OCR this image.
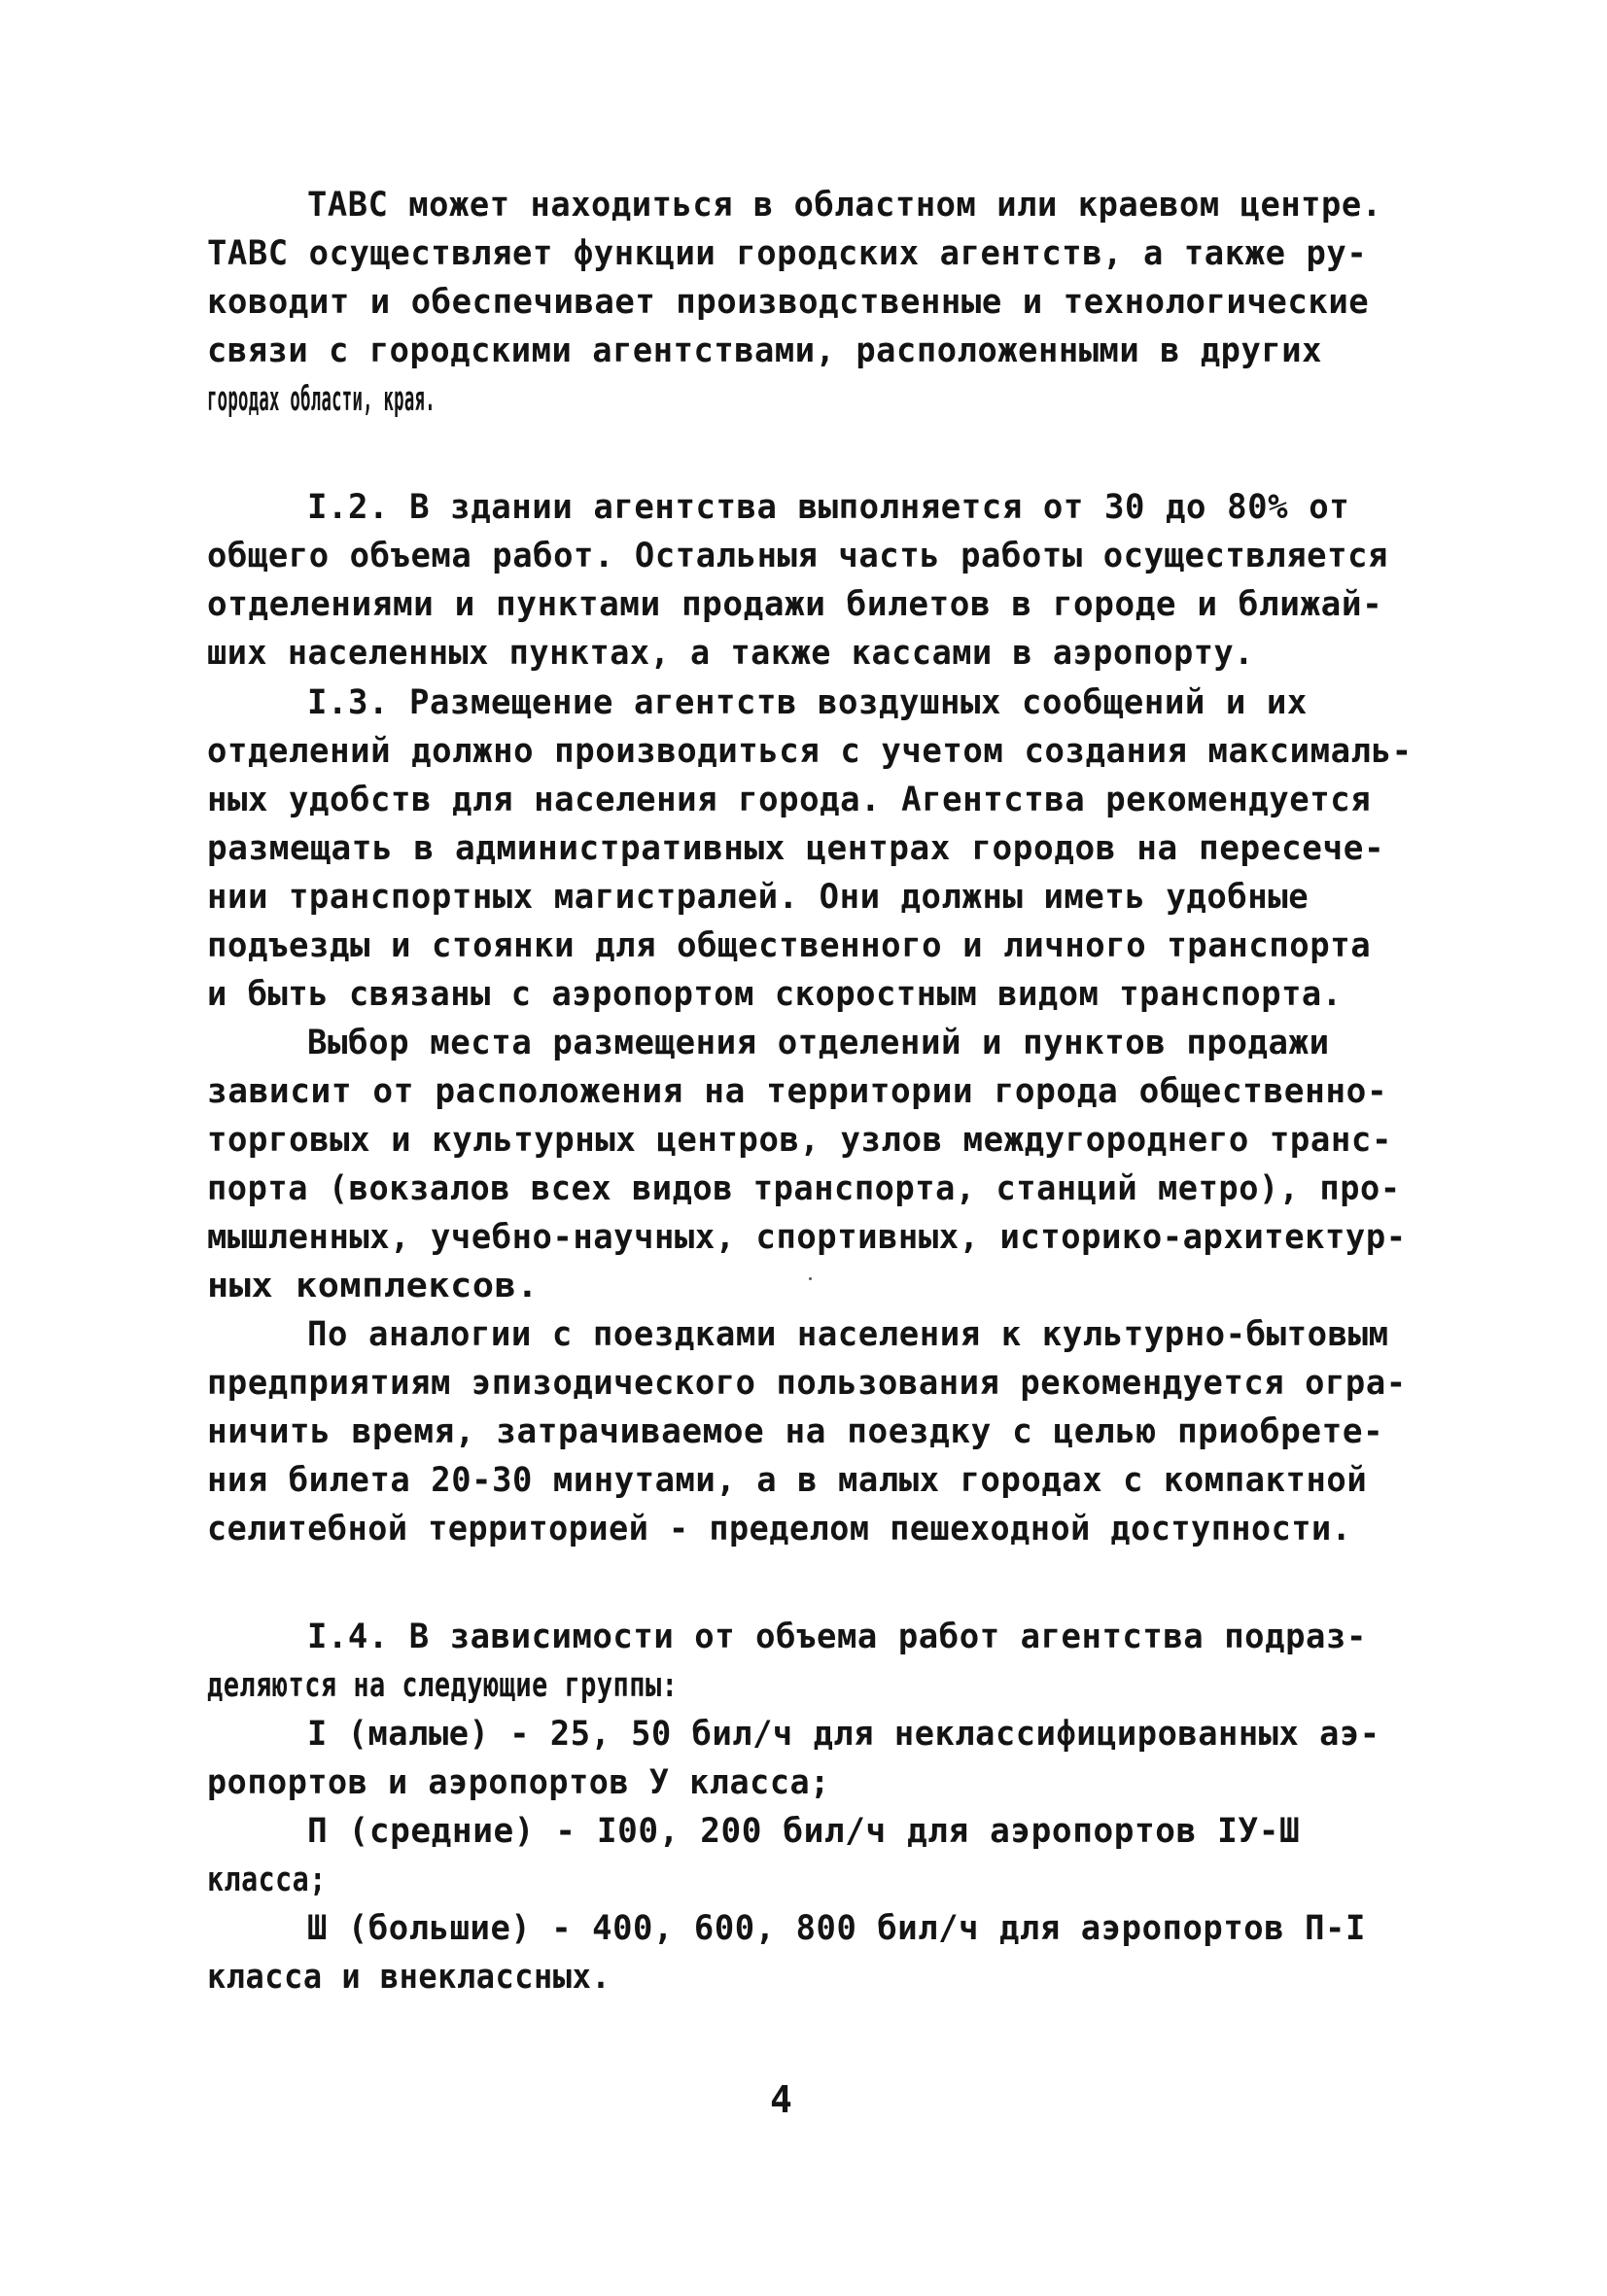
ТАВС может находиться в областном или краевом центре.

ТАВС осуществляет функции городских агентств, а также ру-

ководит и обеспечивает производственные и технологические

связи с городскими агентствами, расположенными в других

городах области, края.

I.2. В здании агентства выполняется от 30 до 80% от

общего объема работ. Остальныя часть работы осуществляется

отделениями и пунктами продажи билетов в городе и ближай-

ших населенных пунктах, а также кассами в аэропорту.

I.3. Размещение агентств воздушных сообщений и их

отделений должно производиться с учетом создания максималь-

ных удобств для населения города. Агентства рекомендуется

размещать в административных центрах городов на пересече-

нии транспортных магистралей. Они должны иметь удобные

подъезды и стоянки для общественного и личного транспорта

и быть связаны с аэропортом скоростным видом транспорта.

Выбор места размещения отделений и пунктов продажи

зависит от расположения на территории города общественно-

торговых и культурных центров, узлов междугороднего транс-

порта (вокзалов всех видов транспорта, станций метро), про-

мышленных, учебно-научных, спортивных, историко-архитектур-

ных комплексов.

По аналогии с поездками населения к культурно-бытовым

предприятиям эпизодического пользования рекомендуется огра-

ничить время, затрачиваемое на поездку с целью приобрете-

ния билета 20-30 минутами, а в малых городах с компактной

селитебной территорией - пределом пешеходной доступности.

I.4. В зависимости от объема работ агентства подраз-

деляются на следующие группы:

I (малые) - 25, 50 бил/ч для неклассифицированных аэ-

ропортов и аэропортов У класса;

П (средние) - I00, 200 бил/ч для аэропортов IУ-Ш

класса;

Ш (большие) - 400, 600, 800 бил/ч для аэропортов П-I

класса и внеклассных.

4
